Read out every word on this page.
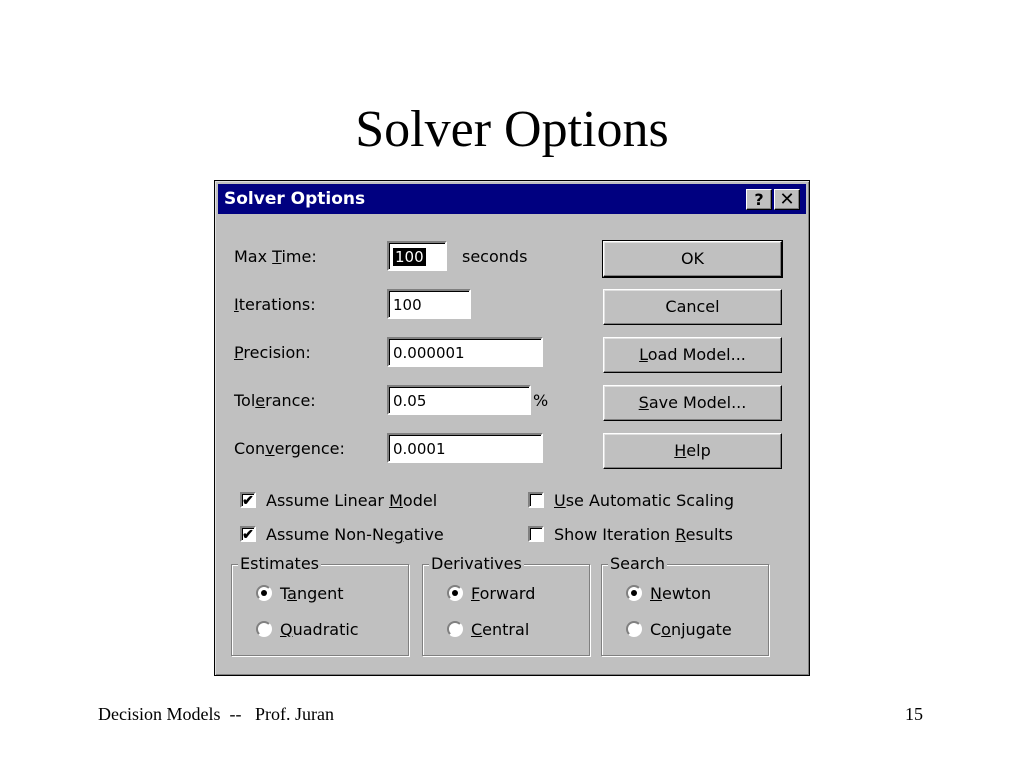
Solver Options
Solver Options	? ✕
Max Time:	100	seconds
Iterations:	100
Precision:	0.000001
Tolerance:	0.05	%
Convergence:	0.0001
OK
Cancel
Load Model...
Save Model...
Help
✔ Assume Linear Model
✔ Assume Non-Negative
Use Automatic Scaling
Show Iteration Results
Estimates
Tangent
Quadratic
Derivatives
Forward
Central
Search
Newton
Conjugate
Decision Models  --   Prof. Juran	15
